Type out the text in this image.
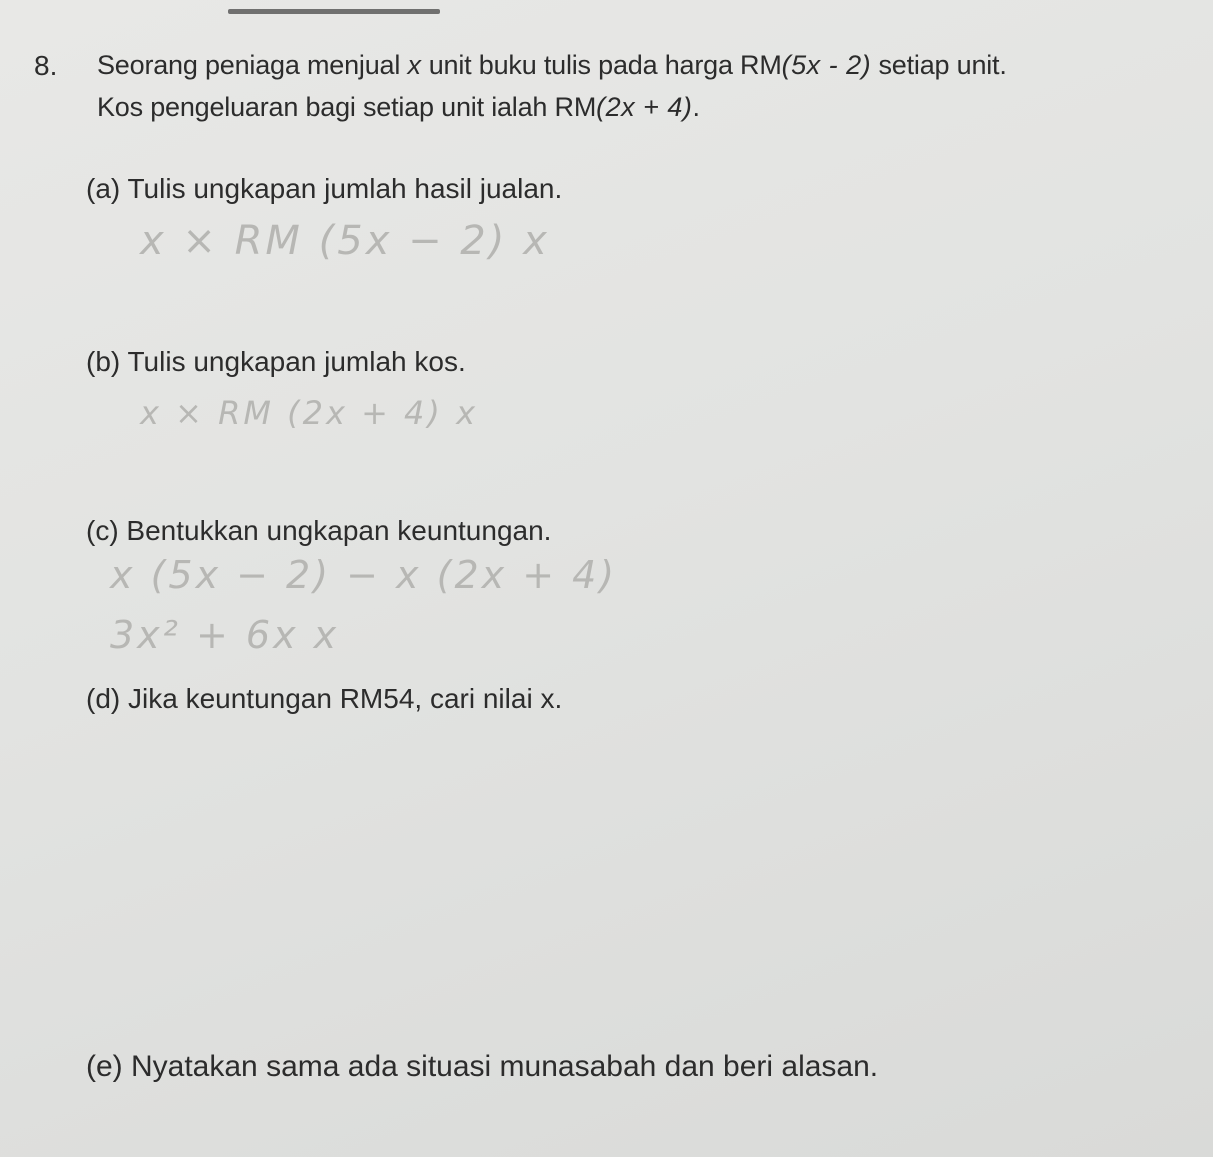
8. Seorang peniaga menjual x unit buku tulis pada harga RM(5x - 2) setiap unit.
Kos pengeluaran bagi setiap unit ialah RM(2x + 4).
(a) Tulis ungkapan jumlah hasil jualan.
x × RM (5x − 2) x
(b) Tulis ungkapan jumlah kos.
x × RM (2x + 4) x
(c) Bentukkan ungkapan keuntungan.
x (5x − 2) − x (2x + 4)
3x² + 6x x
(d) Jika keuntungan RM54, cari nilai x.
(e) Nyatakan sama ada situasi munasabah dan beri alasan.
